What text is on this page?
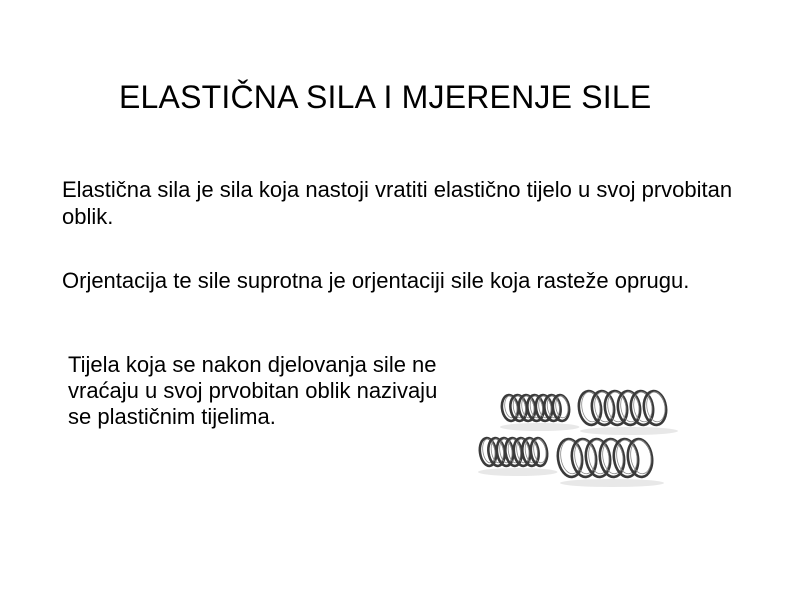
ELASTIČNA SILA I MJERENJE SILE

Elastična sila je sila koja nastoji vratiti elastično tijelo u svoj prvobitan oblik.

Orjentacija te sile suprotna je orjentaciji sile koja rasteže oprugu.

Tijela koja se nakon djelovanja sile ne vraćaju u svoj prvobitan oblik nazivaju se plastičnim tijelima.
